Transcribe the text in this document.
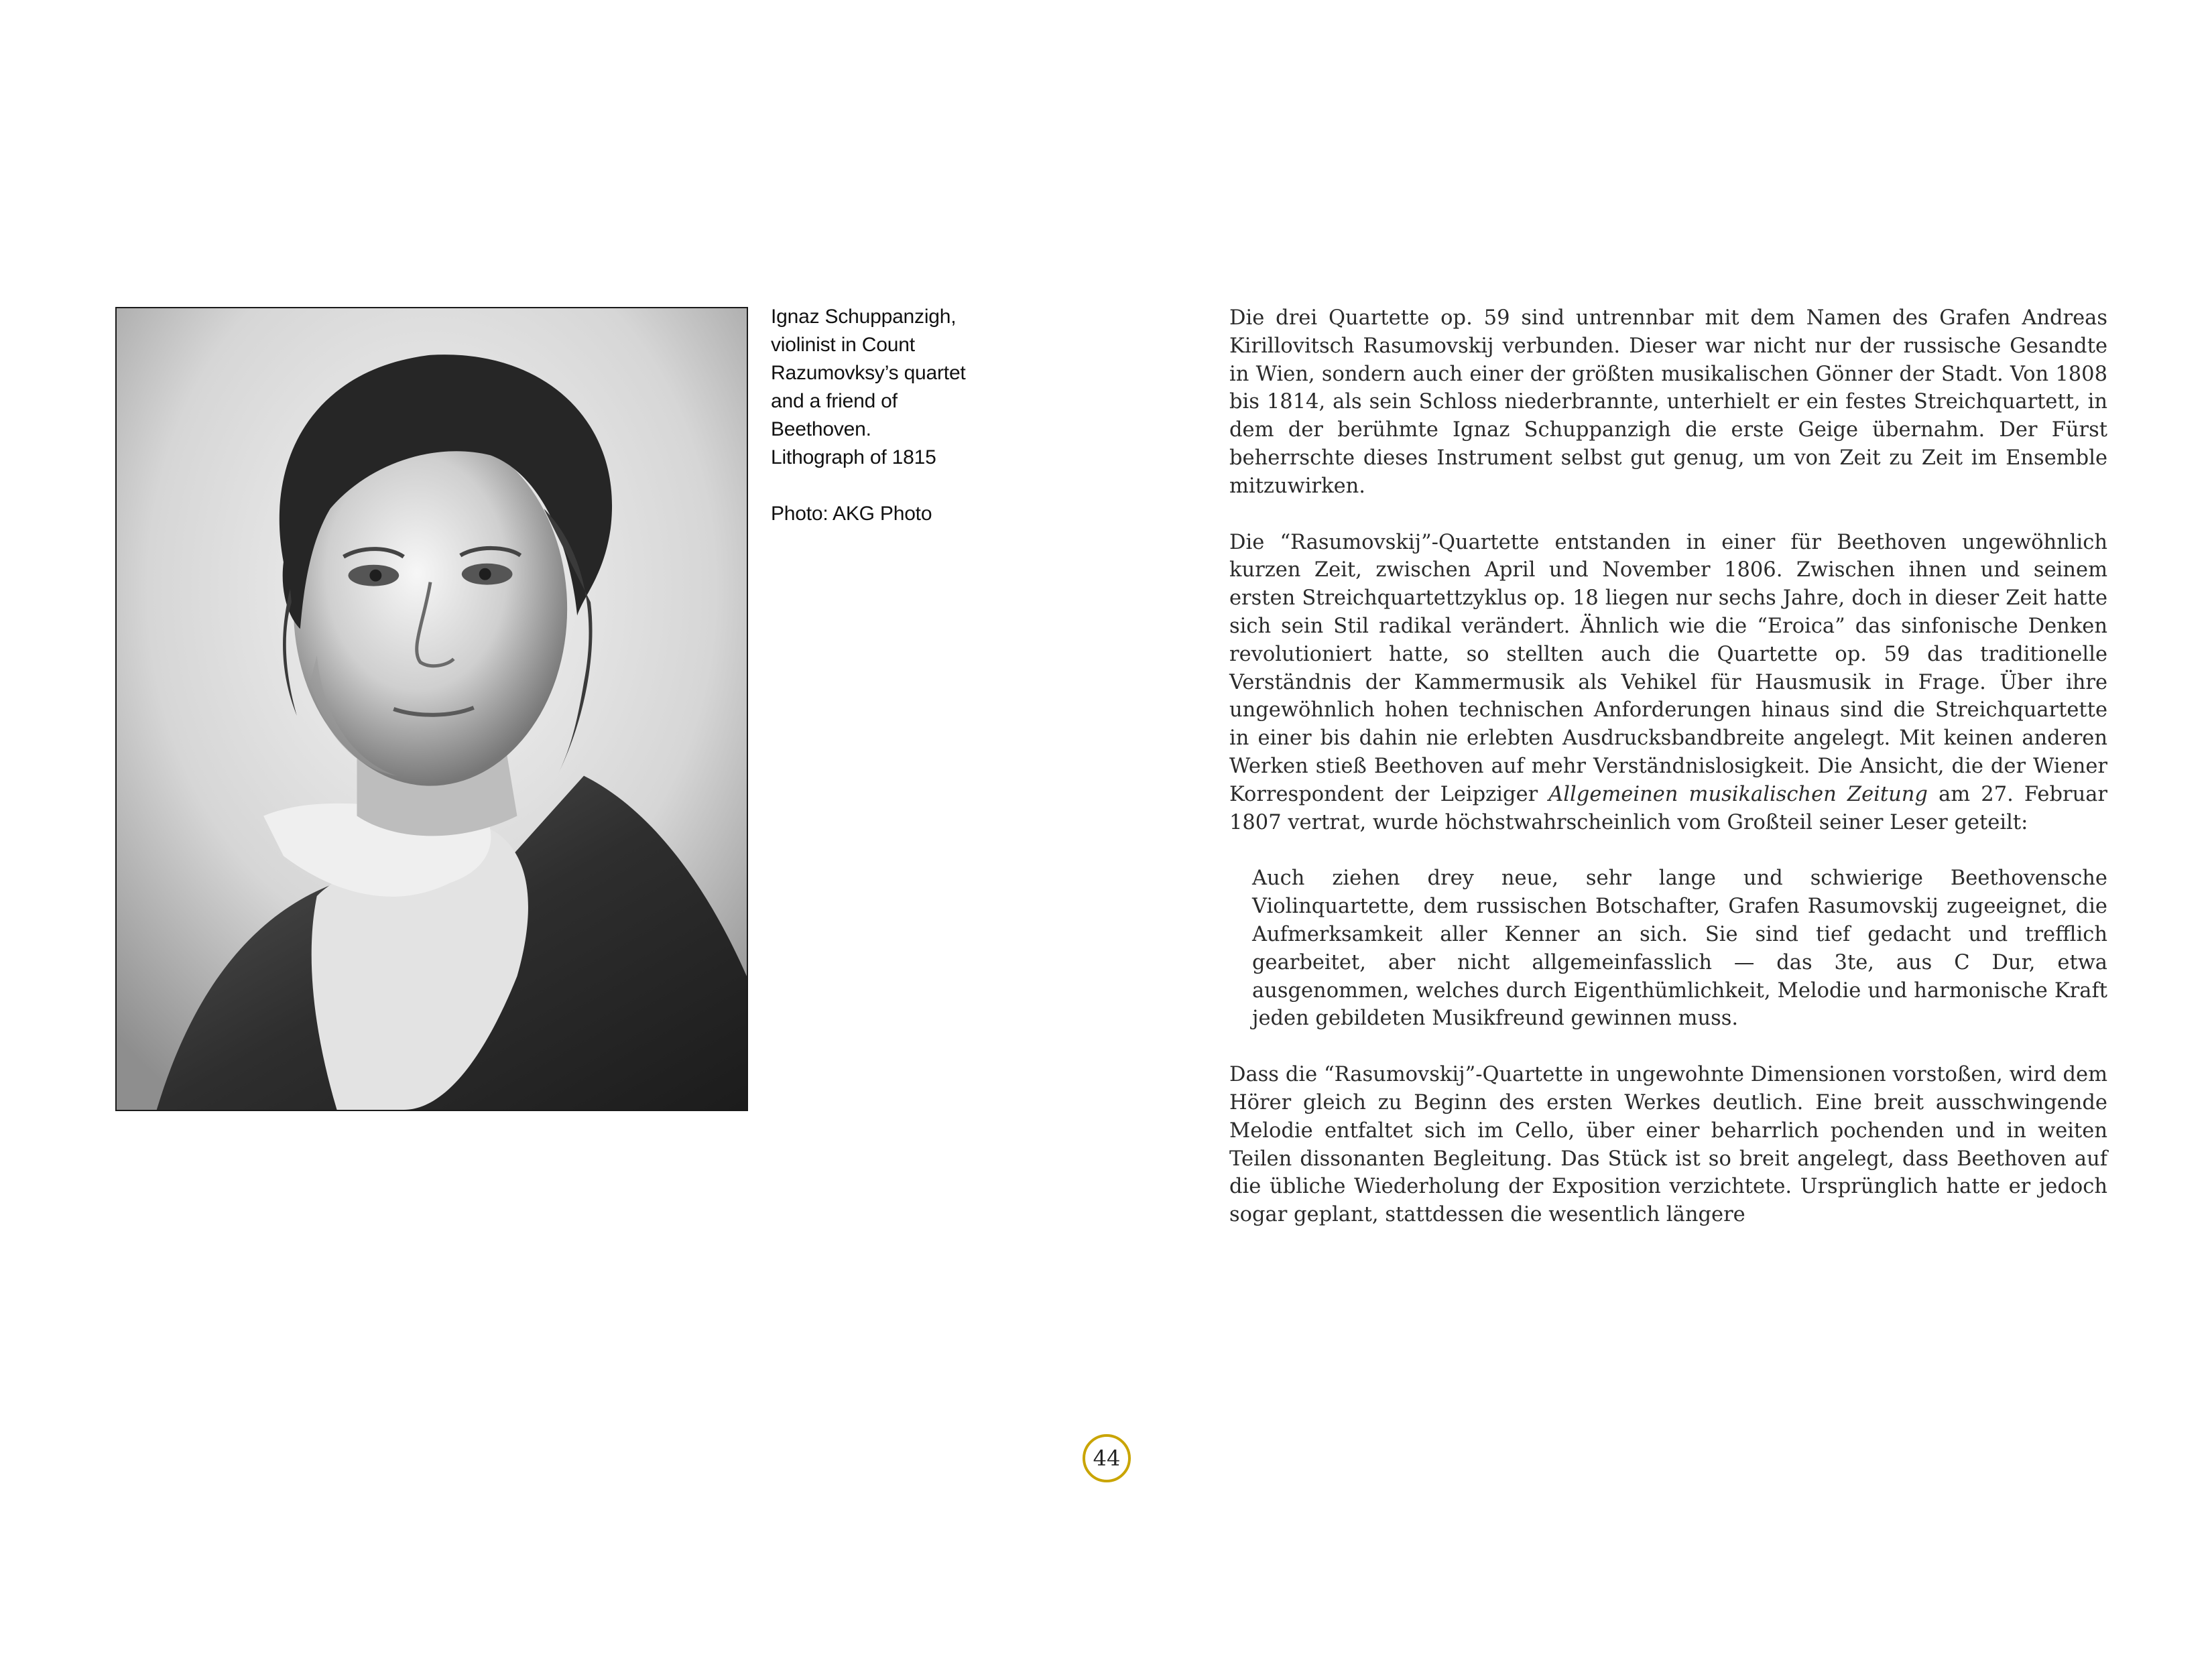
Ignaz Schuppanzigh,
violinist in Count
Razumovksy’s quartet
and a friend of
Beethoven.
Lithograph of 1815
Photo: AKG Photo

Die drei Quartette op. 59 sind untrennbar mit dem Namen des Grafen Andreas Kirillovitsch Rasumovskij verbunden. Dieser war nicht nur der russische Gesandte in Wien, sondern auch einer der größten musikalischen Gönner der Stadt. Von 1808 bis 1814, als sein Schloss niederbrannte, unterhielt er ein festes Streichquartett, in dem der berühmte Ignaz Schuppanzigh die erste Geige übernahm. Der Fürst beherrschte dieses Instrument selbst gut genug, um von Zeit zu Zeit im Ensemble mitzuwirken.

Die “Rasumovskij”-Quartette entstanden in einer für Beethoven ungewöhnlich kurzen Zeit, zwischen April und November 1806. Zwischen ihnen und seinem ersten Streichquartettzyklus op. 18 liegen nur sechs Jahre, doch in dieser Zeit hatte sich sein Stil radikal verändert. Ähnlich wie die “Eroica” das sinfonische Denken revolutioniert hatte, so stellten auch die Quartette op. 59 das traditionelle Verständnis der Kammermusik als Vehikel für Hausmusik in Frage. Über ihre ungewöhnlich hohen technischen Anforderungen hinaus sind die Streichquartette in einer bis dahin nie erlebten Ausdrucksbandbreite angelegt. Mit keinen anderen Werken stieß Beethoven auf mehr Verständnislosigkeit. Die Ansicht, die der Wiener Korrespondent der Leipziger Allgemeinen musikalischen Zeitung am 27. Februar 1807 vertrat, wurde höchstwahrscheinlich vom Großteil seiner Leser geteilt:

Auch ziehen drey neue, sehr lange und schwierige Beethovensche Violinquartette, dem russischen Botschafter, Grafen Rasumovskij zugeeignet, die Aufmerksamkeit aller Kenner an sich. Sie sind tief gedacht und trefflich gearbeitet, aber nicht allgemeinfasslich — das 3te, aus C Dur, etwa ausgenommen, welches durch Eigenthümlichkeit, Melodie und harmonische Kraft jeden gebildeten Musikfreund gewinnen muss.

Dass die “Rasumovskij”-Quartette in ungewohnte Dimensionen vorstoßen, wird dem Hörer gleich zu Beginn des ersten Werkes deutlich. Eine breit ausschwingende Melodie entfaltet sich im Cello, über einer beharrlich pochenden und in weiten Teilen dissonanten Begleitung. Das Stück ist so breit angelegt, dass Beethoven auf die übliche Wiederholung der Exposition verzichtete. Ursprünglich hatte er jedoch sogar geplant, stattdessen die wesentlich längere

44
